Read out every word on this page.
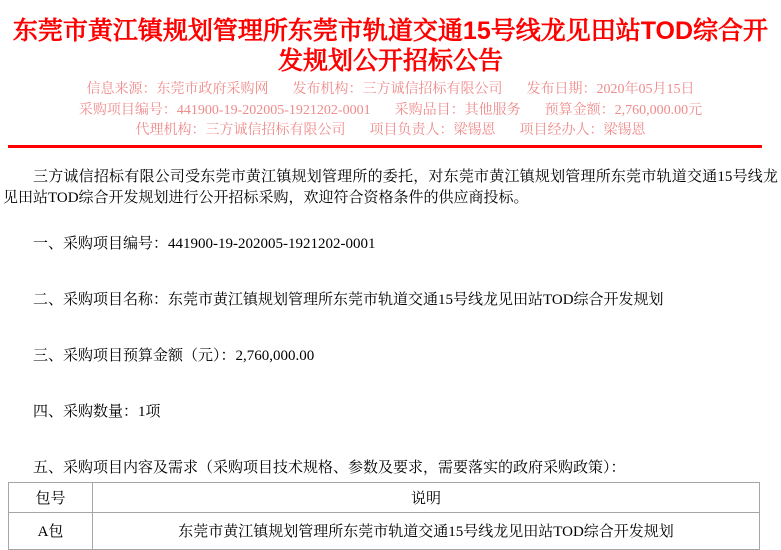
东莞市黄江镇规划管理所东莞市轨道交通15号线龙见田站TOD综合开发规划公开招标公告
信息来源：东莞市政府采购网 发布机构：三方诚信招标有限公司 发布日期：2020年05月15日
采购项目编号：441900-19-202005-1921202-0001 采购品目：其他服务 预算金额：2,760,000.00元
代理机构：三方诚信招标有限公司 项目负责人：梁锡恩 项目经办人：梁锡恩

三方诚信招标有限公司受东莞市黄江镇规划管理所的委托，对东莞市黄江镇规划管理所东莞市轨道交通15号线龙见田站TOD综合开发规划进行公开招标采购，欢迎符合资格条件的供应商投标。

一、采购项目编号：441900-19-202005-1921202-0001

二、采购项目名称：东莞市黄江镇规划管理所东莞市轨道交通15号线龙见田站TOD综合开发规划

三、采购项目预算金额（元）：2,760,000.00

四、采购数量：1项

五、采购项目内容及需求（采购项目技术规格、参数及要求，需要落实的政府采购政策）：

包号	说明
A包	东莞市黄江镇规划管理所东莞市轨道交通15号线龙见田站TOD综合开发规划
